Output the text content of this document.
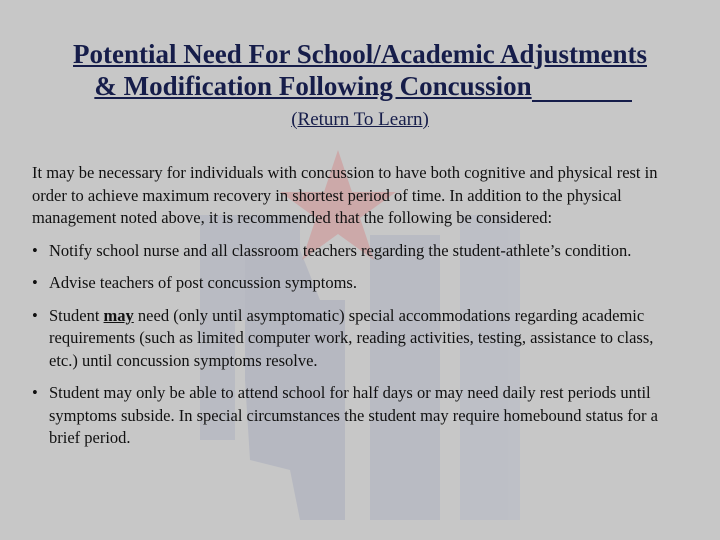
Potential Need For School/Academic Adjustments
& Modification Following Concussion
(Return To Learn)

It may be necessary for individuals with concussion to have both cognitive and physical rest in order to achieve maximum recovery in shortest period of time. In addition to the physical management noted above, it is recommended that the following be considered:

• Notify school nurse and all classroom teachers regarding the student-athlete’s condition.
• Advise teachers of post concussion symptoms.
• Student may need (only until asymptomatic) special accommodations regarding academic requirements (such as limited computer work, reading activities, testing, assistance to class, etc.) until concussion symptoms resolve.
• Student may only be able to attend school for half days or may need daily rest periods until symptoms subside. In special circumstances the student may require homebound status for a brief period.
